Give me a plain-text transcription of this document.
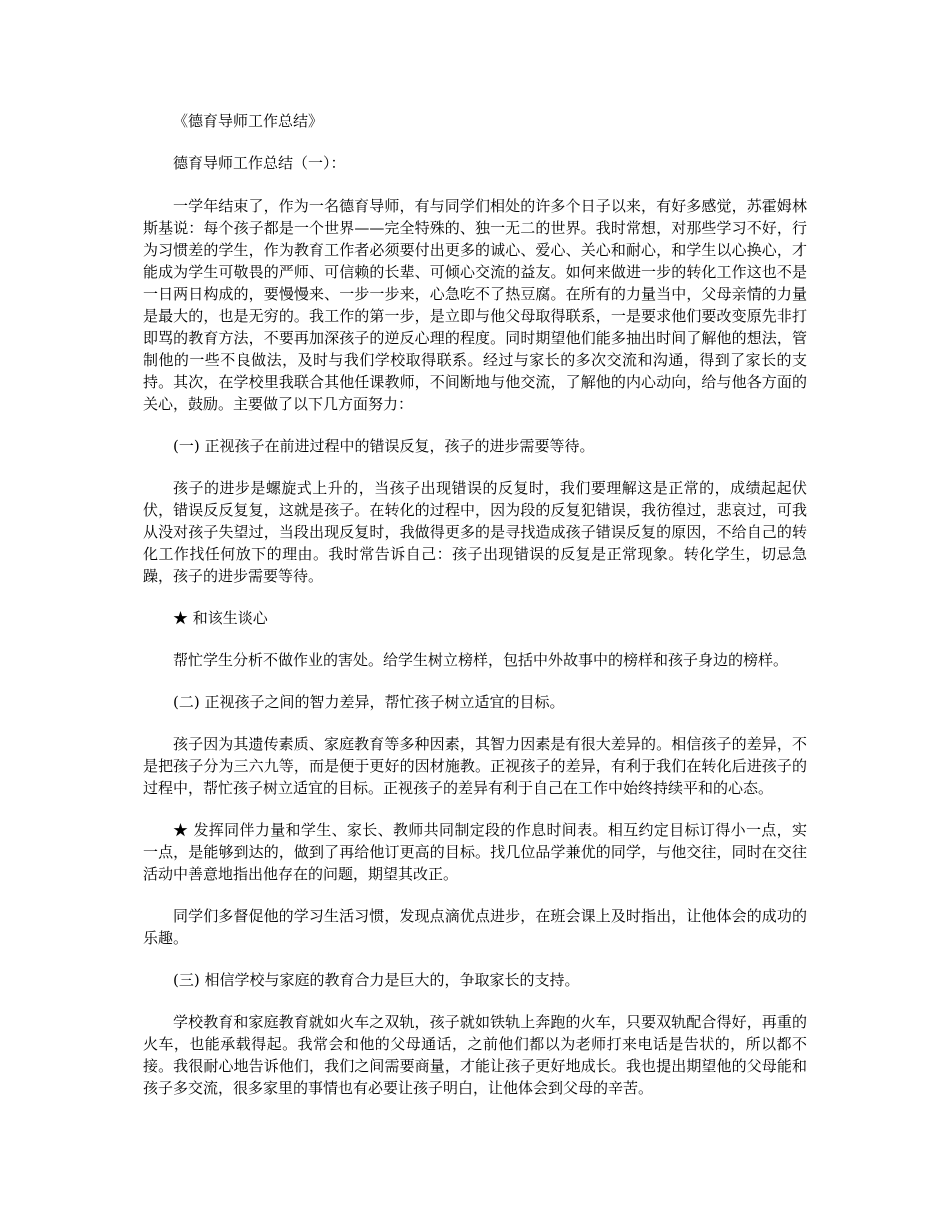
《德育导师工作总结》

德育导师工作总结（一）：

一学年结束了，作为一名德育导师，有与同学们相处的许多个日子以来，有好多感觉，苏霍姆林斯基说：每个孩子都是一个世界——完全特殊的、独一无二的世界。我时常想，对那些学习不好，行为习惯差的学生，作为教育工作者必须要付出更多的诚心、爱心、关心和耐心，和学生以心换心，才能成为学生可敬畏的严师、可信赖的长辈、可倾心交流的益友。如何来做进一步的转化工作这也不是一日两日构成的，要慢慢来、一步一步来，心急吃不了热豆腐。在所有的力量当中，父母亲情的力量是最大的，也是无穷的。我工作的第一步，是立即与他父母取得联系，一是要求他们要改变原先非打即骂的教育方法，不要再加深孩子的逆反心理的程度。同时期望他们能多抽出时间了解他的想法，管制他的一些不良做法，及时与我们学校取得联系。经过与家长的多次交流和沟通，得到了家长的支持。其次，在学校里我联合其他任课教师，不间断地与他交流，了解他的内心动向，给与他各方面的关心，鼓励。主要做了以下几方面努力：

(一) 正视孩子在前进过程中的错误反复，孩子的进步需要等待。

孩子的进步是螺旋式上升的，当孩子出现错误的反复时，我们要理解这是正常的，成绩起起伏伏，错误反反复复，这就是孩子。在转化的过程中，因为段的反复犯错误，我彷徨过，悲哀过，可我从没对孩子失望过，当段出现反复时，我做得更多的是寻找造成孩子错误反复的原因，不给自己的转化工作找任何放下的理由。我时常告诉自己：孩子出现错误的反复是正常现象。转化学生，切忌急躁，孩子的进步需要等待。

★ 和该生谈心

帮忙学生分析不做作业的害处。给学生树立榜样，包括中外故事中的榜样和孩子身边的榜样。

(二) 正视孩子之间的智力差异，帮忙孩子树立适宜的目标。

孩子因为其遗传素质、家庭教育等多种因素，其智力因素是有很大差异的。相信孩子的差异，不是把孩子分为三六九等，而是便于更好的因材施教。正视孩子的差异，有利于我们在转化后进孩子的过程中，帮忙孩子树立适宜的目标。正视孩子的差异有利于自己在工作中始终持续平和的心态。

★ 发挥同伴力量和学生、家长、教师共同制定段的作息时间表。相互约定目标订得小一点，实一点，是能够到达的，做到了再给他订更高的目标。找几位品学兼优的同学，与他交往，同时在交往活动中善意地指出他存在的问题，期望其改正。

同学们多督促他的学习生活习惯，发现点滴优点进步，在班会课上及时指出，让他体会的成功的乐趣。

(三) 相信学校与家庭的教育合力是巨大的，争取家长的支持。

学校教育和家庭教育就如火车之双轨，孩子就如铁轨上奔跑的火车，只要双轨配合得好，再重的火车，也能承载得起。我常会和他的父母通话，之前他们都以为老师打来电话是告状的，所以都不接。我很耐心地告诉他们，我们之间需要商量，才能让孩子更好地成长。我也提出期望他的父母能和孩子多交流，很多家里的事情也有必要让孩子明白，让他体会到父母的辛苦。
